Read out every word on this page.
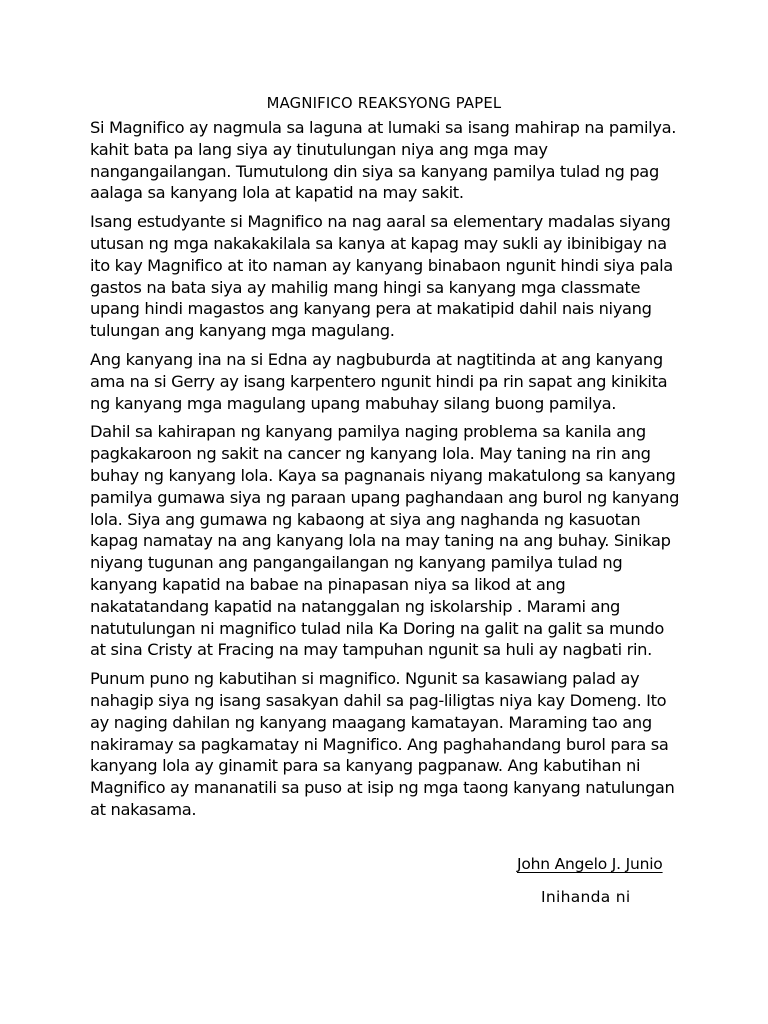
MAGNIFICO REAKSYONG PAPEL

Si Magnifico ay nagmula sa laguna at lumaki sa isang mahirap na pamilya.
kahit bata pa lang siya ay tinutulungan niya ang mga may
nangangailangan. Tumutulong din siya sa kanyang pamilya tulad ng pag
aalaga sa kanyang lola at kapatid na may sakit.

Isang estudyante si Magnifico na nag aaral sa elementary madalas siyang
utusan ng mga nakakakilala sa kanya at kapag may sukli ay ibinibigay na
ito kay Magnifico at ito naman ay kanyang binabaon ngunit hindi siya pala
gastos na bata siya ay mahilig mang hingi sa kanyang mga classmate
upang hindi magastos ang kanyang pera at makatipid dahil nais niyang
tulungan ang kanyang mga magulang.

Ang kanyang ina na si Edna ay nagbuburda at nagtitinda at ang kanyang
ama na si Gerry ay isang karpentero ngunit hindi pa rin sapat ang kinikita
ng kanyang mga magulang upang mabuhay silang buong pamilya.

Dahil sa kahirapan ng kanyang pamilya naging problema sa kanila ang
pagkakaroon ng sakit na cancer ng kanyang lola. May taning na rin ang
buhay ng kanyang lola. Kaya sa pagnanais niyang makatulong sa kanyang
pamilya gumawa siya ng paraan upang paghandaan ang burol ng kanyang
lola. Siya ang gumawa ng kabaong at siya ang naghanda ng kasuotan
kapag namatay na ang kanyang lola na may taning na ang buhay. Sinikap
niyang tugunan ang pangangailangan ng kanyang pamilya tulad ng
kanyang kapatid na babae na pinapasan niya sa likod at ang
nakatatandang kapatid na natanggalan ng iskolarship . Marami ang
natutulungan ni magnifico tulad nila Ka Doring na galit na galit sa mundo
at sina Cristy at Fracing na may tampuhan ngunit sa huli ay nagbati rin.

Punum puno ng kabutihan si magnifico. Ngunit sa kasawiang palad ay
nahagip siya ng isang sasakyan dahil sa pag-liligtas niya kay Domeng. Ito
ay naging dahilan ng kanyang maagang kamatayan. Maraming tao ang
nakiramay sa pagkamatay ni Magnifico. Ang paghahandang burol para sa
kanyang lola ay ginamit para sa kanyang pagpanaw. Ang kabutihan ni
Magnifico ay mananatili sa puso at isip ng mga taong kanyang natulungan
at nakasama.

John Angelo J. Junio
Inihanda ni
